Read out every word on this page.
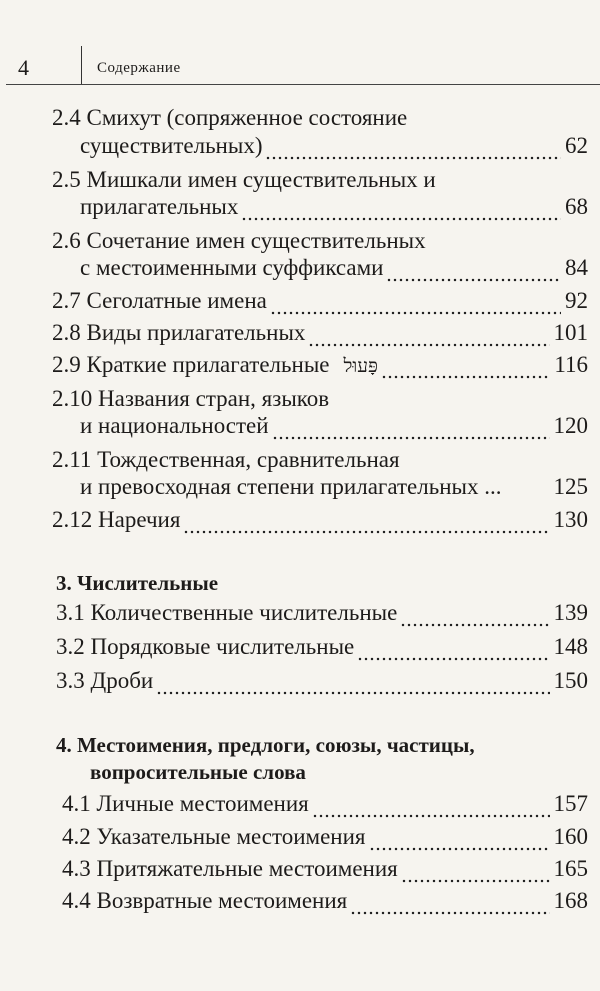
4	Содержание
2.4 Смихут (сопряженное состояние
существительных)	62
2.5 Мишкали имен существительных и
прилагательных	68
2.6 Сочетание имен существительных
с местоименными суффиксами	84
2.7 Сеголатные имена	92
2.8 Виды прилагательных	101
2.9 Краткие прилагательные פָּעוּל	116
2.10 Названия стран, языков
и национальностей	120
2.11 Тождественная, сравнительная
и превосходная степени прилагательных ... 125
2.12 Наречия	130
3. Числительные
3.1 Количественные числительные	139
3.2 Порядковые числительные	148
3.3 Дроби	150
4. Местоимения, предлоги, союзы, частицы,
вопросительные слова
4.1 Личные местоимения	157
4.2 Указательные местоимения	160
4.3 Притяжательные местоимения	165
4.4 Возвратные местоимения	168
